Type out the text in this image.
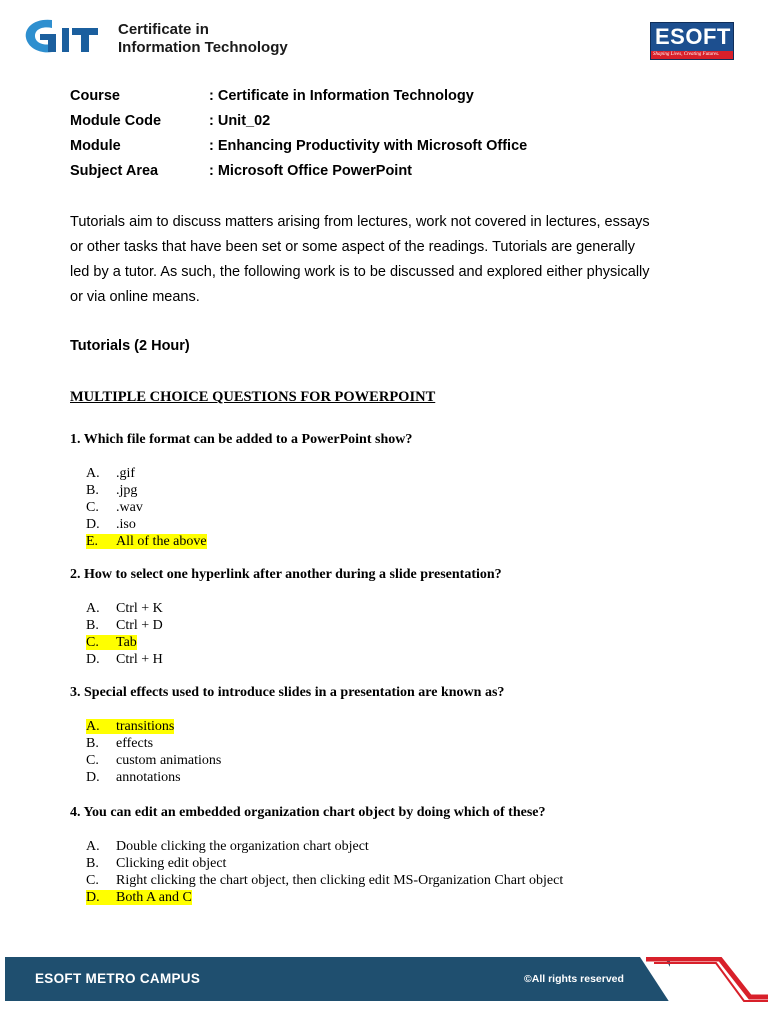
Certificate in
Information Technology	ESOFT
Shaping Lives, Creating Futures.
Course	: Certificate in Information Technology
Module Code	: Unit_02
Module	: Enhancing Productivity with Microsoft Office
Subject Area	: Microsoft Office PowerPoint
Tutorials aim to discuss matters arising from lectures, work not covered in lectures, essays
or other tasks that have been set or some aspect of the readings. Tutorials are generally
led by a tutor. As such, the following work is to be discussed and explored either physically
or via online means.
Tutorials (2 Hour)
MULTIPLE CHOICE QUESTIONS FOR POWERPOINT
1. Which file format can be added to a PowerPoint show?
A. .gif
B. .jpg
C. .wav
D. .iso
E. All of the above
2. How to select one hyperlink after another during a slide presentation?
A. Ctrl + K
B. Ctrl + D
C. Tab
D. Ctrl + H
3. Special effects used to introduce slides in a presentation are known as?
A. transitions
B. effects
C. custom animations
D. annotations
4. You can edit an embedded organization chart object by doing which of these?
A. Double clicking the organization chart object
B. Clicking edit object
C. Right clicking the chart object, then clicking edit MS-Organization Chart object
D. Both A and C
ESOFT METRO CAMPUS	©All rights reserved
